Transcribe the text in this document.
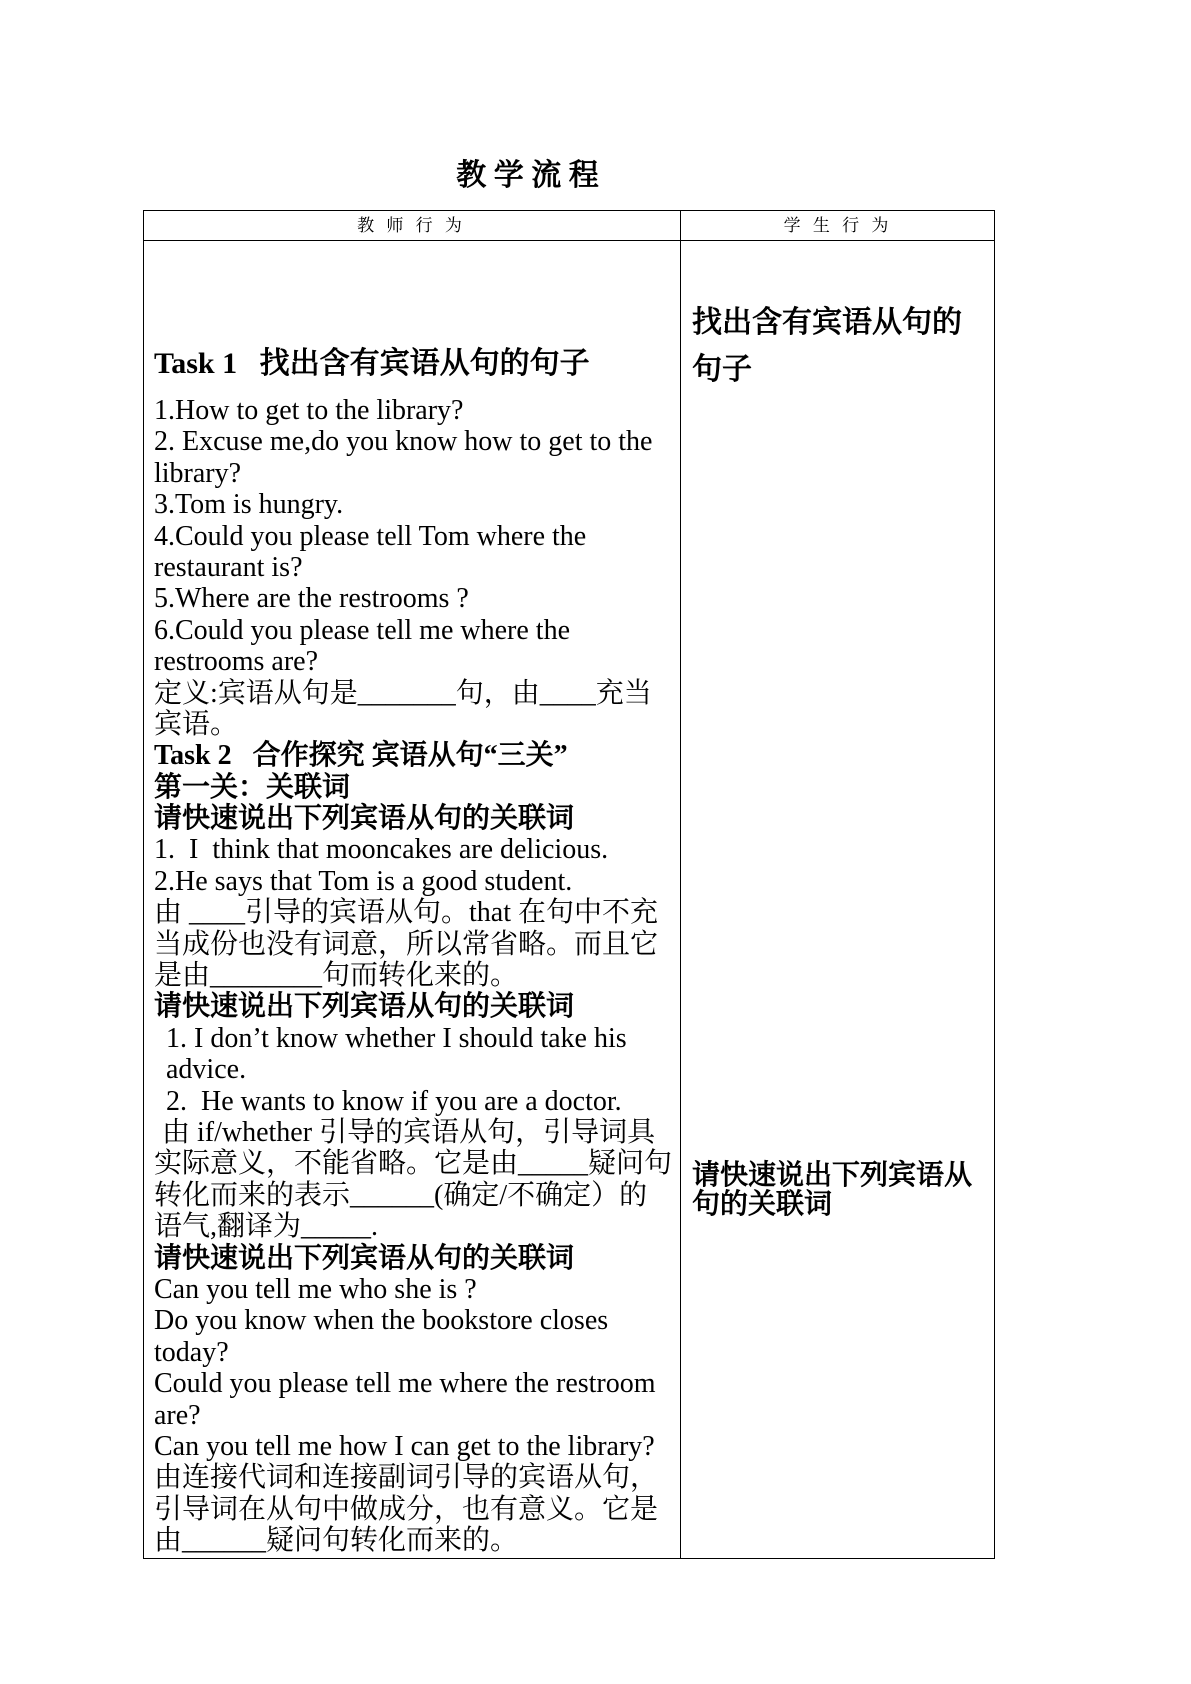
教 学 流 程
教 师 行 为	学 生 行 为
Task 1   找出含有宾语从句的句子
1.How to get to the library?
2. Excuse me,do you know how to get to the
library?
3.Tom is hungry.
4.Could you please tell Tom where the
restaurant is?
5.Where are the restrooms ?
6.Could you please tell me where the
restrooms are?
定义:宾语从句是_______句，由____充当
宾语。
Task 2   合作探究 宾语从句“三关”
第一关：关联词
请快速说出下列宾语从句的关联词
1.  I  think that mooncakes are delicious.
2.He says that Tom is a good student.
由 ____引导的宾语从句。that 在句中不充
当成份也没有词意，所以常省略。而且它
是由________句而转化来的。
请快速说出下列宾语从句的关联词
1. I don’t know whether I should take his
advice.
2.  He wants to know if you are a doctor.
由 if/whether 引导的宾语从句，引导词具
实际意义，不能省略。它是由_____疑问句
转化而来的表示______(确定/不确定）的
语气,翻译为_____.
请快速说出下列宾语从句的关联词
Can you tell me who she is ?
Do you know when the bookstore closes
today?
Could you please tell me where the restroom
are?
Can you tell me how I can get to the library?
由连接代词和连接副词引导的宾语从句，
引导词在从句中做成分，也有意义。它是
由______疑问句转化而来的。
找出含有宾语从句的
句子
请快速说出下列宾语从
句的关联词
